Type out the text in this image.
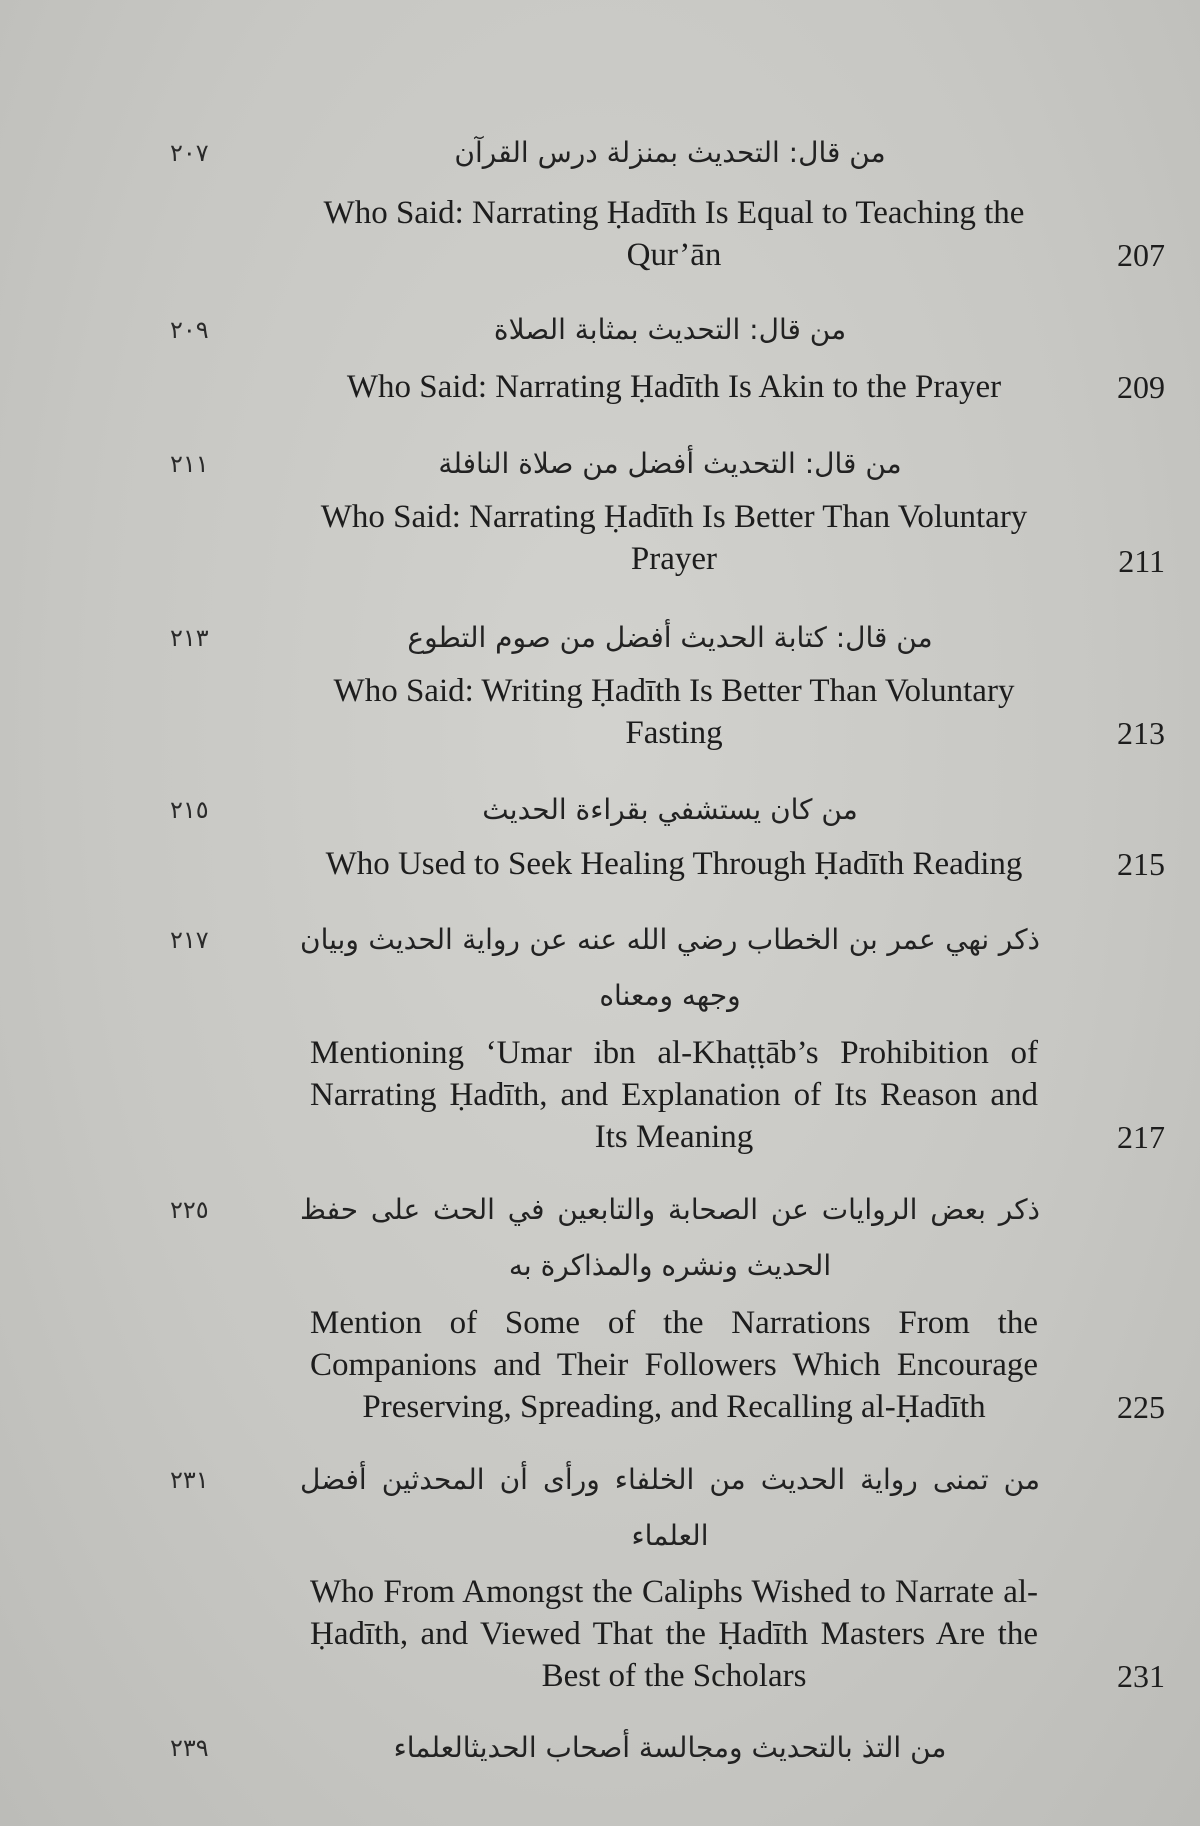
٢٠٧	من قال: التحديث بمنزلة درس القرآن
Who Said: Narrating Ḥadīth Is Equal to Teaching the Qur’ān	207
٢٠٩	من قال: التحديث بمثابة الصلاة
Who Said: Narrating Ḥadīth Is Akin to the Prayer	209
٢١١	من قال: التحديث أفضل من صلاة النافلة
Who Said: Narrating Ḥadīth Is Better Than Voluntary Prayer	211
٢١٣	من قال: كتابة الحديث أفضل من صوم التطوع
Who Said: Writing Ḥadīth Is Better Than Voluntary Fasting	213
٢١٥	من كان يستشفي بقراءة الحديث
Who Used to Seek Healing Through Ḥadīth Reading	215
٢١٧	ذكر نهي عمر بن الخطاب رضي الله عنه عن رواية الحديث وبيان وجهه ومعناه
Mentioning ‘Umar ibn al-Khaṭṭāb’s Prohibition of Narrating Ḥadīth, and Explanation of Its Reason and Its Meaning	217
٢٢٥	ذكر بعض الروايات عن الصحابة والتابعين في الحث على حفظ الحديث ونشره والمذاكرة به
Mention of Some of the Narrations From the Companions and Their Followers Which Encourage Preserving, Spreading, and Recalling al-Ḥadīth	225
٢٣١	من تمنى رواية الحديث من الخلفاء ورأى أن المحدثين أفضل العلماء
Who From Amongst the Caliphs Wished to Narrate al-Ḥadīth, and Viewed That the Ḥadīth Masters Are the Best of the Scholars	231
٢٣٩	من التذ بالتحديث ومجالسة أصحاب الحديثالعلماء
